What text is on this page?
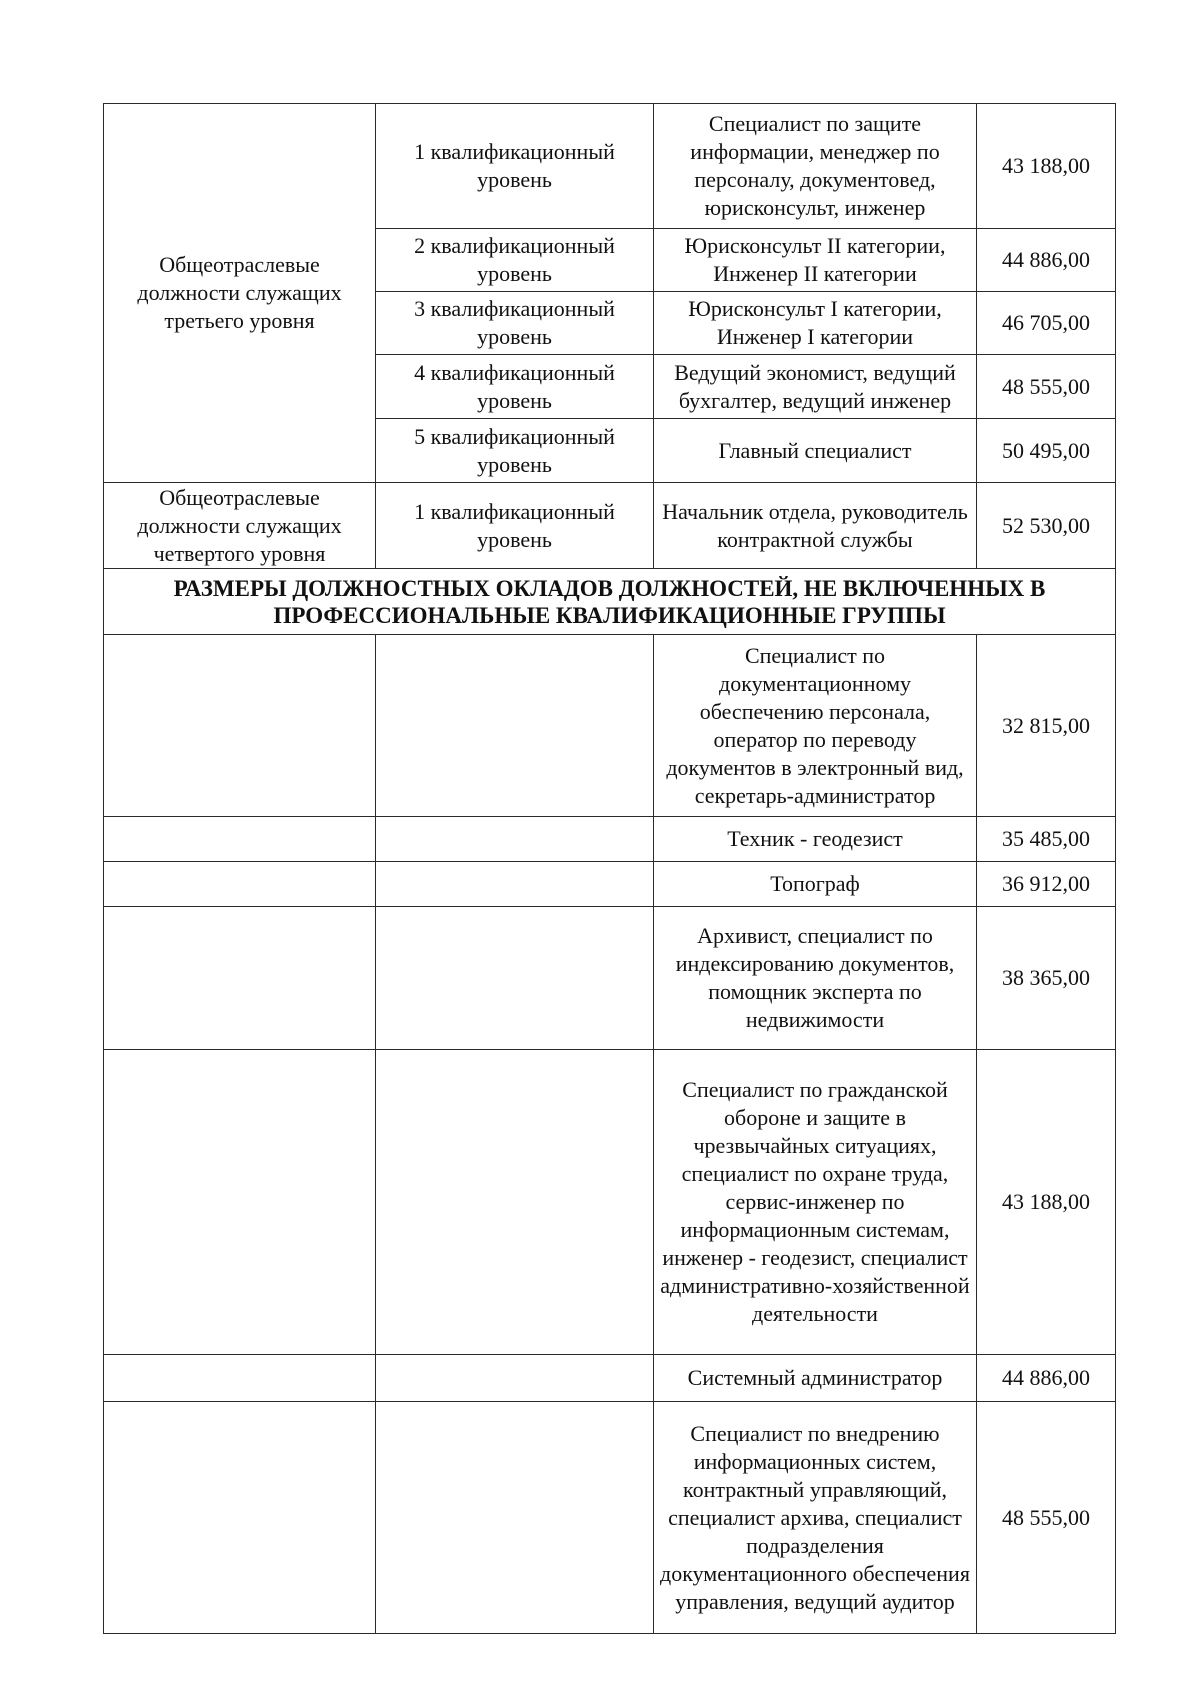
Общеотраслевые должности служащих третьего уровня	1 квалификационный уровень	Специалист по защите информации, менеджер по персоналу, документовед, юрисконсульт, инженер	43 188,00
	2 квалификационный уровень	Юрисконсульт II категории, Инженер II категории	44 886,00
	3 квалификационный уровень	Юрисконсульт I категории, Инженер I категории	46 705,00
	4 квалификационный уровень	Ведущий экономист, ведущий бухгалтер, ведущий инженер	48 555,00
	5 квалификационный уровень	Главный специалист	50 495,00
Общеотраслевые должности служащих четвертого уровня	1 квалификационный уровень	Начальник отдела, руководитель контрактной службы	52 530,00
РАЗМЕРЫ ДОЛЖНОСТНЫХ ОКЛАДОВ ДОЛЖНОСТЕЙ, НЕ ВКЛЮЧЕННЫХ В ПРОФЕССИОНАЛЬНЫЕ КВАЛИФИКАЦИОННЫЕ ГРУППЫ			
		Специалист по документационному обеспечению персонала, оператор по переводу документов в электронный вид, секретарь-администратор	32 815,00
		Техник - геодезист	35 485,00
		Топограф	36 912,00
		Архивист, специалист по индексированию документов, помощник эксперта по недвижимости	38 365,00
		Специалист по гражданской обороне и защите в чрезвычайных ситуациях, специалист по охране труда, сервис-инженер по информационным системам, инженер - геодезист, специалист административно-хозяйственной деятельности	43 188,00
		Системный администратор	44 886,00
		Специалист по внедрению информационных систем, контрактный управляющий, специалист архива, специалист подразделения документационного обеспечения управления, ведущий аудитор	48 555,00
